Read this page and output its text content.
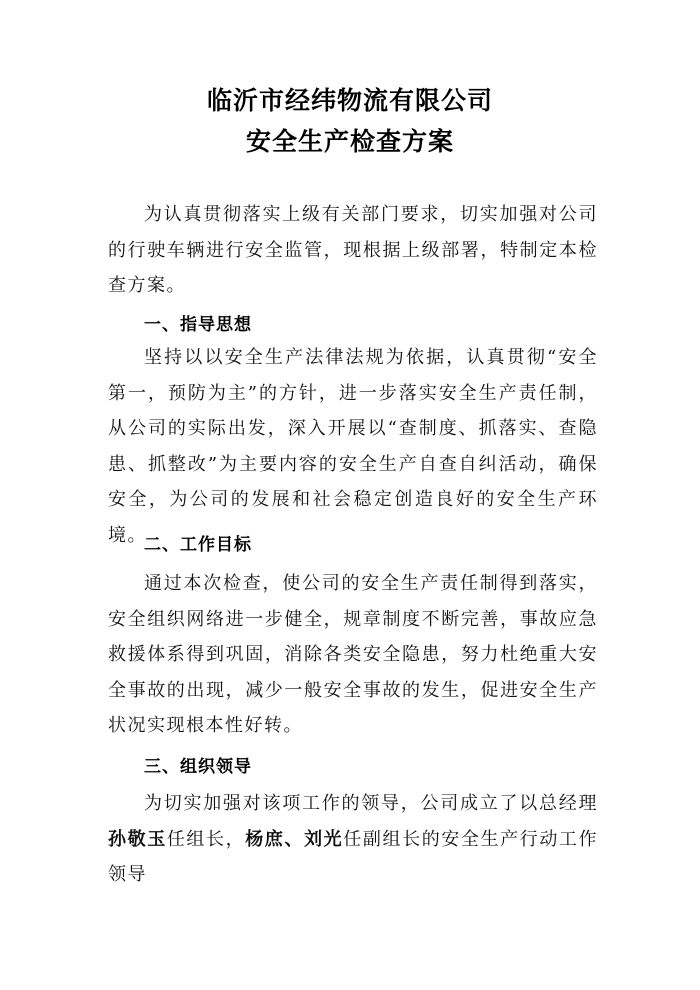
临沂市经纬物流有限公司
安全生产检查方案

为认真贯彻落实上级有关部门要求，切实加强对公司的行驶车辆进行安全监管，现根据上级部署，特制定本检查方案。

一、指导思想

坚持以以安全生产法律法规为依据，认真贯彻“安全第一，预防为主”的方针，进一步落实安全生产责任制，从公司的实际出发，深入开展以“查制度、抓落实、查隐患、抓整改”为主要内容的安全生产自查自纠活动，确保安全，为公司的发展和社会稳定创造良好的安全生产环境。

二、工作目标

通过本次检查，使公司的安全生产责任制得到落实，安全组织网络进一步健全，规章制度不断完善，事故应急救援体系得到巩固，消除各类安全隐患，努力杜绝重大安全事故的出现，减少一般安全事故的发生，促进安全生产状况实现根本性好转。

三、组织领导

为切实加强对该项工作的领导，公司成立了以总经理孙敬玉任组长，杨庶、刘光任副组长的安全生产行动工作领导
